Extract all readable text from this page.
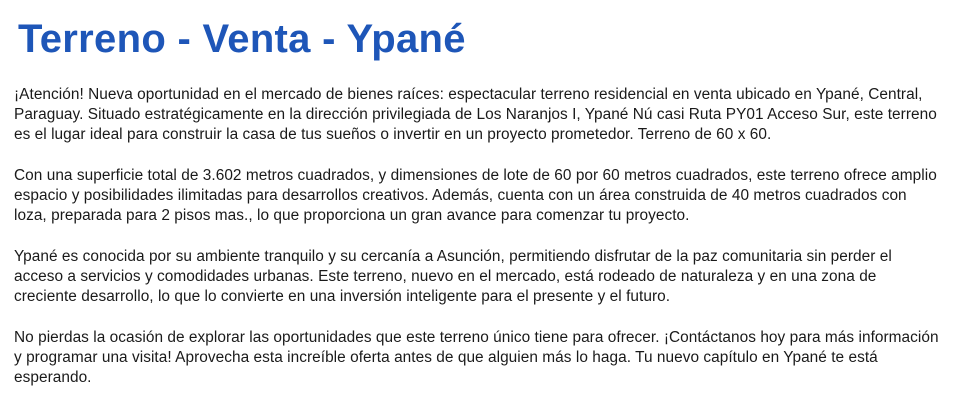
Terreno - Venta - Ypané

¡Atención! Nueva oportunidad en el mercado de bienes raíces: espectacular terreno residencial en venta ubicado en Ypané, Central, Paraguay. Situado estratégicamente en la dirección privilegiada de Los Naranjos I, Ypané Nú casi Ruta PY01 Acceso Sur, este terreno es el lugar ideal para construir la casa de tus sueños o invertir en un proyecto prometedor. Terreno de 60 x 60.

Con una superficie total de 3.602 metros cuadrados, y dimensiones de lote de 60 por 60 metros cuadrados, este terreno ofrece amplio espacio y posibilidades ilimitadas para desarrollos creativos. Además, cuenta con un área construida de 40 metros cuadrados con loza, preparada para 2 pisos mas., lo que proporciona un gran avance para comenzar tu proyecto.

Ypané es conocida por su ambiente tranquilo y su cercanía a Asunción, permitiendo disfrutar de la paz comunitaria sin perder el acceso a servicios y comodidades urbanas. Este terreno, nuevo en el mercado, está rodeado de naturaleza y en una zona de creciente desarrollo, lo que lo convierte en una inversión inteligente para el presente y el futuro.

No pierdas la ocasión de explorar las oportunidades que este terreno único tiene para ofrecer. ¡Contáctanos hoy para más información y programar una visita! Aprovecha esta increíble oferta antes de que alguien más lo haga. Tu nuevo capítulo en Ypané te está esperando.
